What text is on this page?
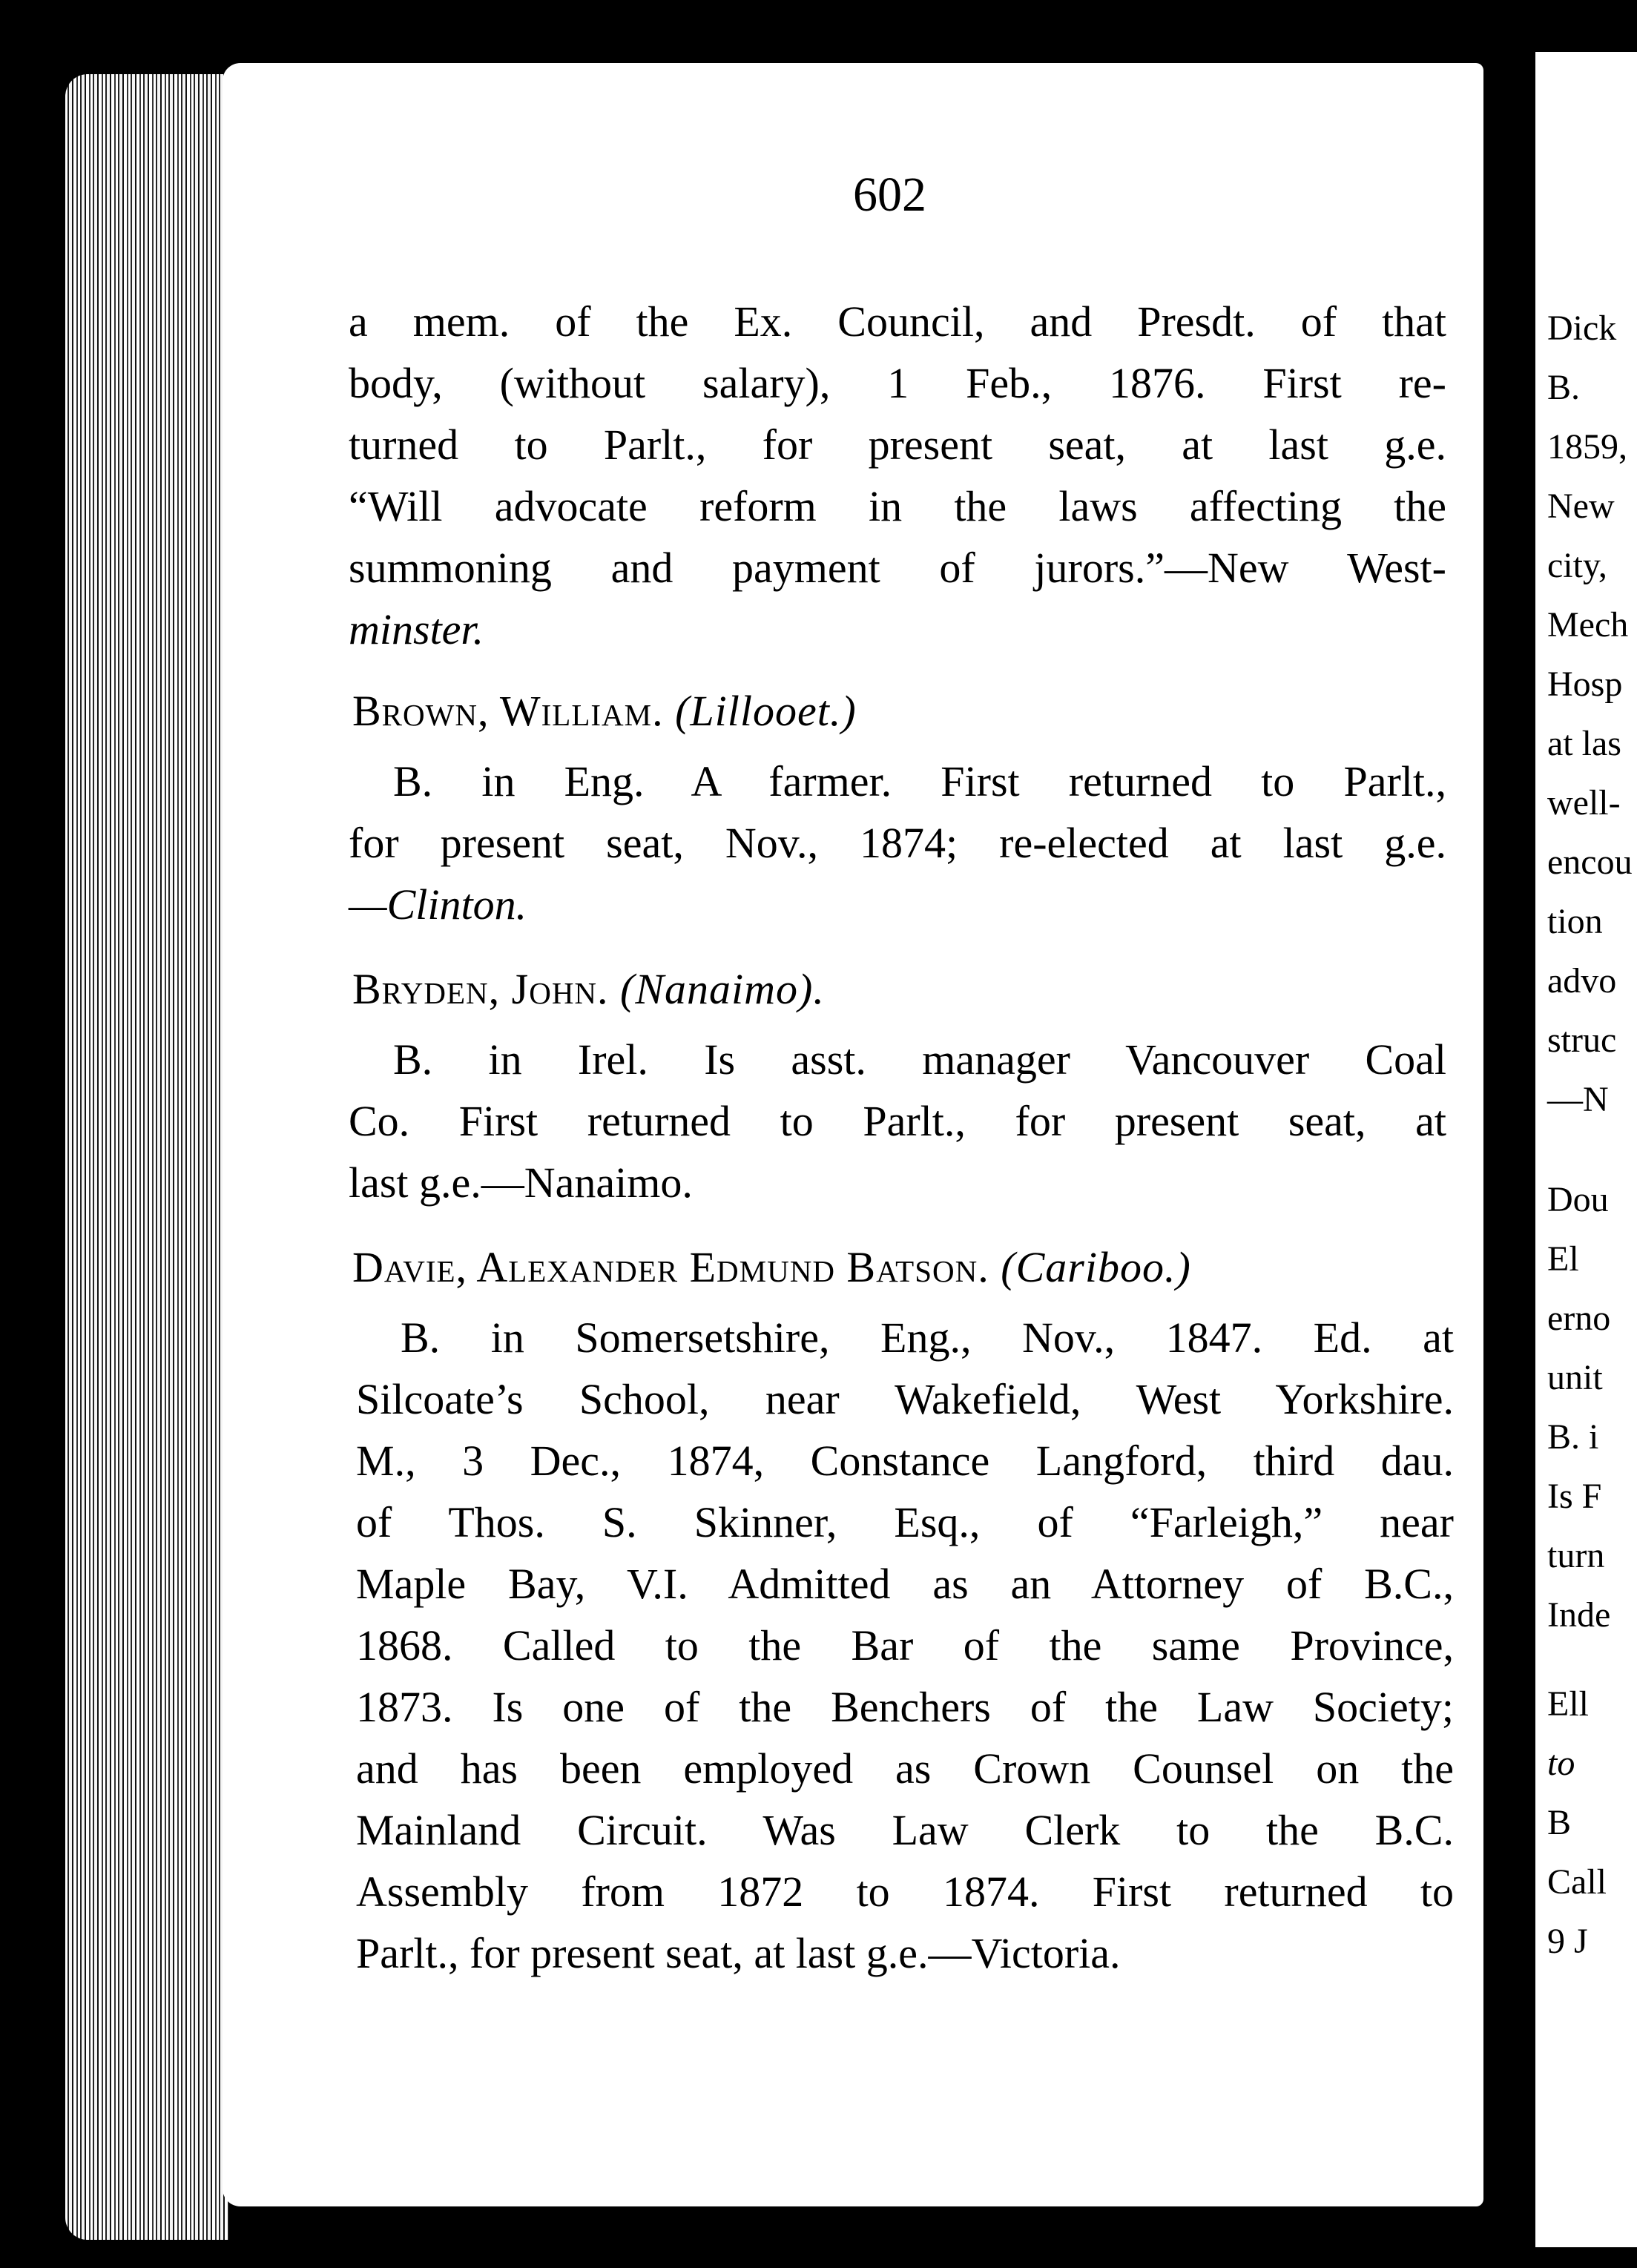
602
a mem. of the Ex. Council, and Presdt. of that
body, (without salary), 1 Feb., 1876. First re-
turned to Parlt., for present seat, at last g.e.
“Will advocate reform in the laws affecting the
summoning and payment of jurors.”—New West-
minster.
Brown, William. (Lillooet.)
B. in Eng. A farmer. First returned to Parlt.,
for present seat, Nov., 1874; re-elected at last g.e.
—Clinton.
Bryden, John. (Nanaimo).
B. in Irel. Is asst. manager Vancouver Coal
Co. First returned to Parlt., for present seat, at
last g.e.—Nanaimo.
Davie, Alexander Edmund Batson. (Cariboo.)
B. in Somersetshire, Eng., Nov., 1847. Ed. at
Silcoate’s School, near Wakefield, West Yorkshire.
M., 3 Dec., 1874, Constance Langford, third dau.
of Thos. S. Skinner, Esq., of “Farleigh,” near
Maple Bay, V.I. Admitted as an Attorney of B.C.,
1868. Called to the Bar of the same Province,
1873. Is one of the Benchers of the Law Society;
and has been employed as Crown Counsel on the
Mainland Circuit. Was Law Clerk to the B.C.
Assembly from 1872 to 1874. First returned to
Parlt., for present seat, at last g.e.—Victoria.
Dick
B.
1859,
New
city,
Mech
Hosp
at las
well-
encou
tion
advo
struc
—N
Dou
El
erno
unit
B. i
Is F
turn
Inde
Ell
to
B
Call
9 J
